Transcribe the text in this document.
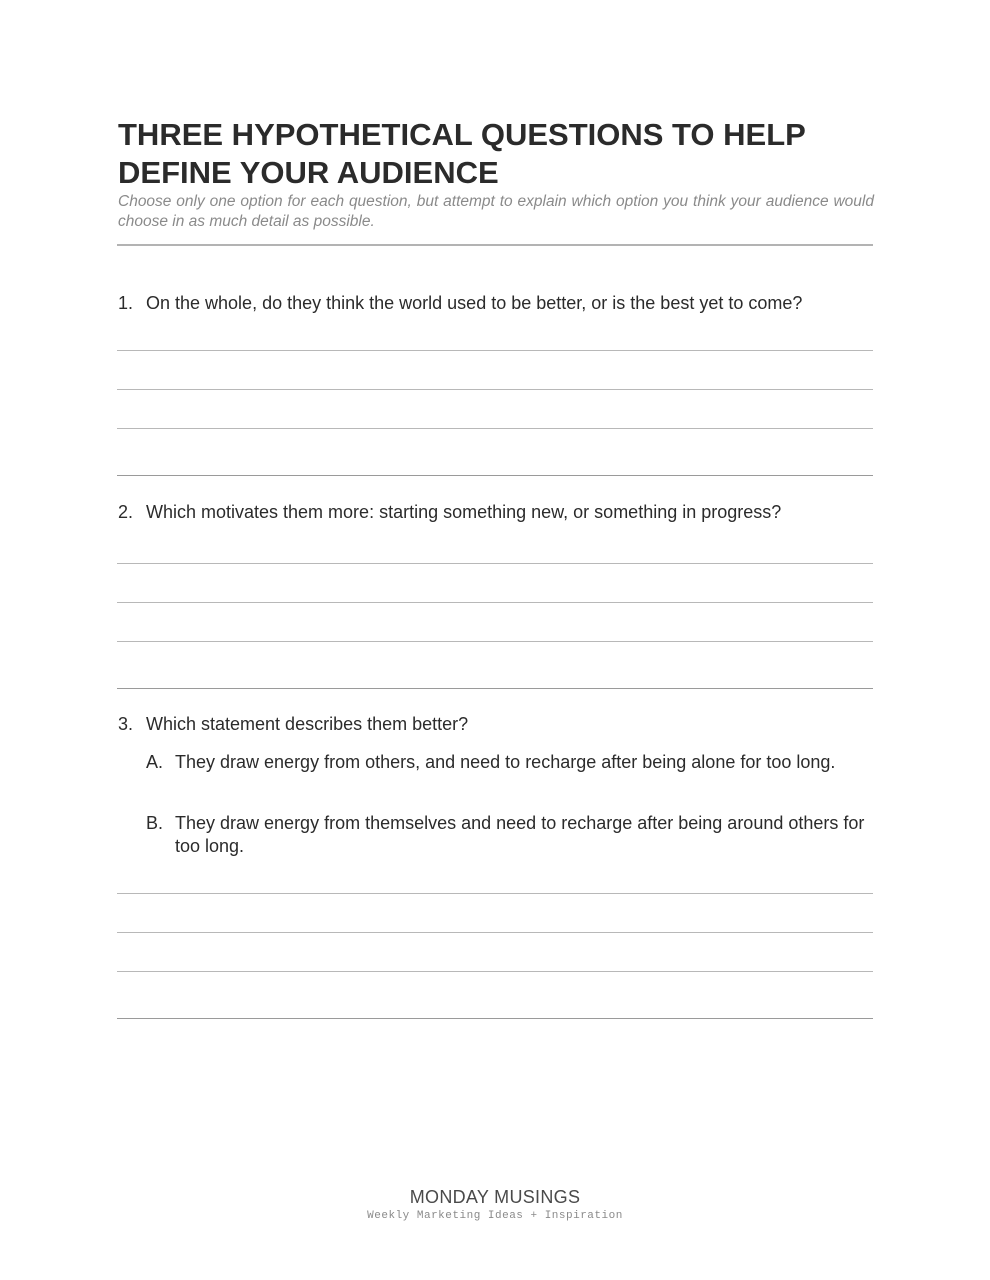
THREE HYPOTHETICAL QUESTIONS TO HELP
DEFINE YOUR AUDIENCE

Choose only one option for each question, but attempt to explain which option you think your audience would choose in as much detail as possible.

1. On the whole, do they think the world used to be better, or is the best yet to come?
2. Which motivates them more: starting something new, or something in progress?
3. Which statement describes them better?
A. They draw energy from others, and need to recharge after being alone for too long.
B. They draw energy from themselves and need to recharge after being around others for too long.
MONDAY MUSINGS
Weekly Marketing Ideas + Inspiration
